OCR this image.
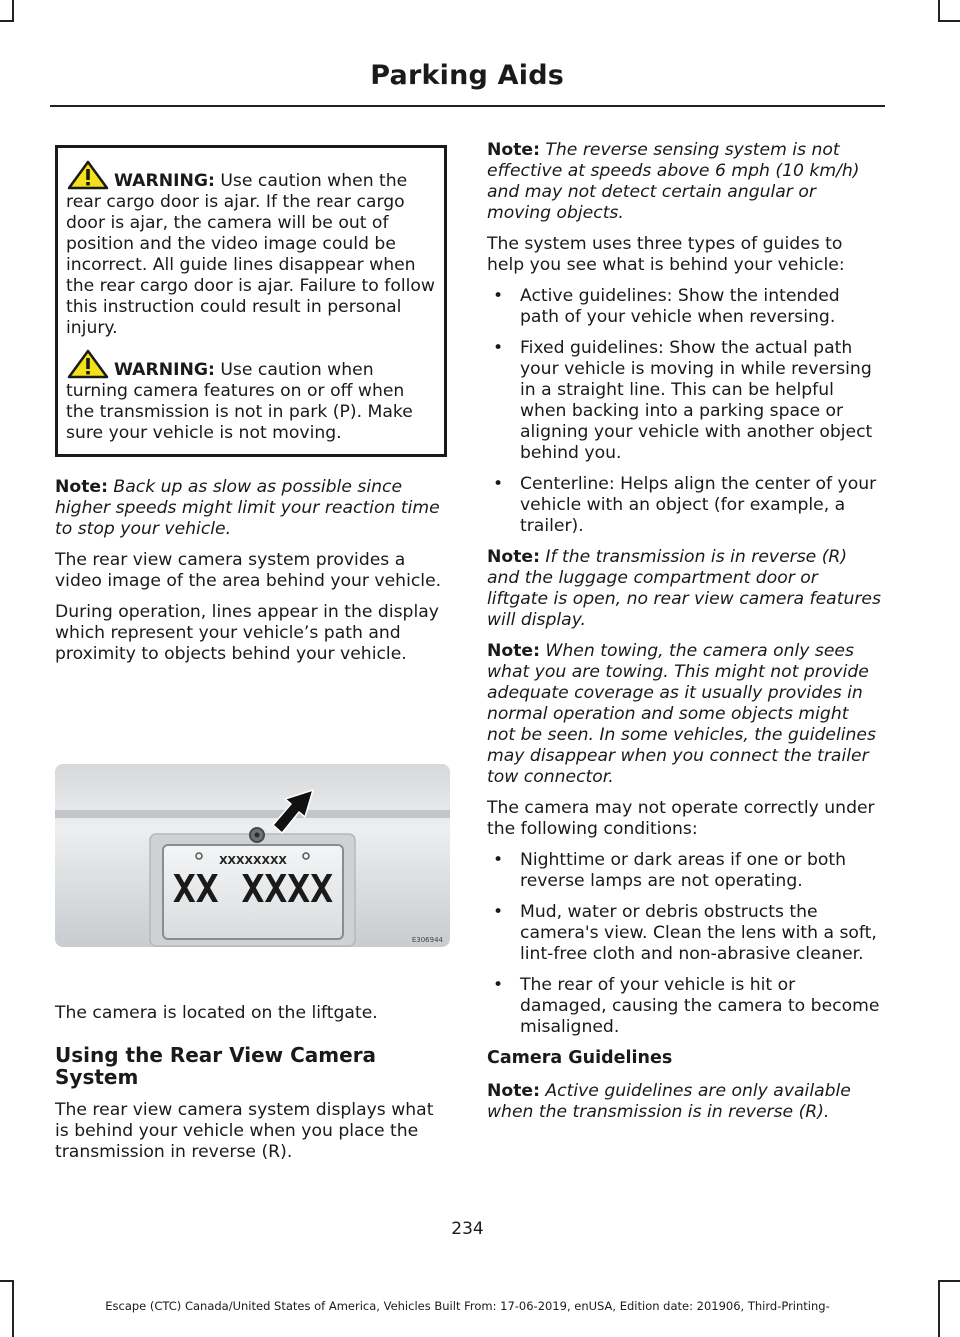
Parking Aids
WARNING: Use caution when the rear cargo door is ajar. If the rear cargo door is ajar, the camera will be out of position and the video image could be incorrect. All guide lines disappear when the rear cargo door is ajar. Failure to follow this instruction could result in personal injury.
WARNING: Use caution when turning camera features on or off when the transmission is not in park (P). Make sure your vehicle is not moving.

Note: Back up as slow as possible since higher speeds might limit your reaction time to stop your vehicle.

The rear view camera system provides a video image of the area behind your vehicle.

During operation, lines appear in the display which represent your vehicle’s path and proximity to objects behind your vehicle.

XXXXXXXX
XX XXXX
E306944
The camera is located on the liftgate.
Using the Rear View Camera System

The rear view camera system displays what is behind your vehicle when you place the transmission in reverse (R).

Note: The reverse sensing system is not effective at speeds above 6 mph (10 km/h) and may not detect certain angular or moving objects.

The system uses three types of guides to help you see what is behind your vehicle:

• Active guidelines: Show the intended path of your vehicle when reversing.
• Fixed guidelines: Show the actual path your vehicle is moving in while reversing in a straight line. This can be helpful when backing into a parking space or aligning your vehicle with another object behind you.
• Centerline: Helps align the center of your vehicle with an object (for example, a trailer).

Note: If the transmission is in reverse (R) and the luggage compartment door or liftgate is open, no rear view camera features will display.

Note: When towing, the camera only sees what you are towing. This might not provide adequate coverage as it usually provides in normal operation and some objects might not be seen. In some vehicles, the guidelines may disappear when you connect the trailer tow connector.

The camera may not operate correctly under the following conditions:

• Nighttime or dark areas if one or both reverse lamps are not operating.
• Mud, water or debris obstructs the camera's view. Clean the lens with a soft, lint-free cloth and non-abrasive cleaner.
• The rear of your vehicle is hit or damaged, causing the camera to become misaligned.
Camera Guidelines

Note: Active guidelines are only available when the transmission is in reverse (R).

234
Escape (CTC) Canada/United States of America, Vehicles Built From: 17-06-2019, enUSA, Edition date: 201906, Third-Printing-
